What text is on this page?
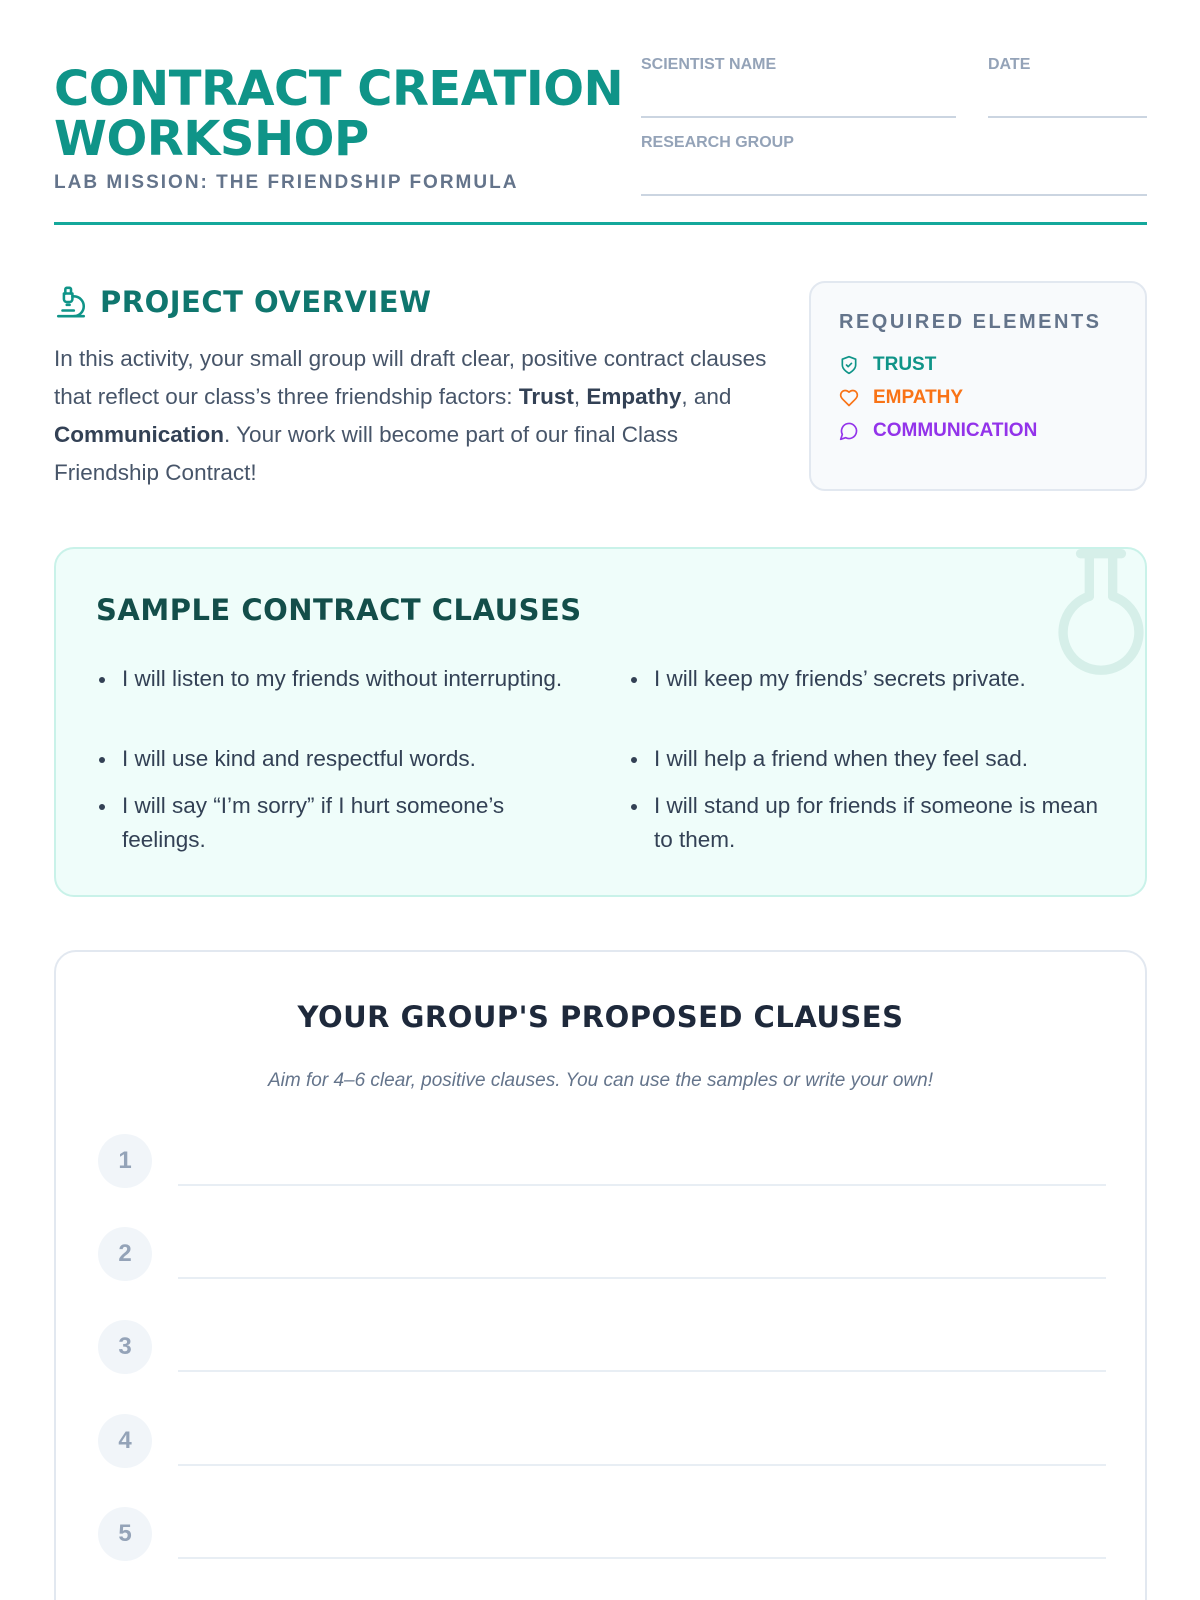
CONTRACT CREATION
WORKSHOP
LAB MISSION: THE FRIENDSHIP FORMULA
SCIENTIST NAME	DATE
RESEARCH GROUP
PROJECT OVERVIEW

In this activity, your small group will draft clear, positive contract clauses that reflect our class’s three friendship factors: Trust, Empathy, and Communication. Your work will become part of our final Class Friendship Contract!

REQUIRED ELEMENTS
TRUST
EMPATHY
COMMUNICATION
SAMPLE CONTRACT CLAUSES
I will listen to my friends without interrupting.
I will use kind and respectful words.
I will say “I’m sorry” if I hurt someone’s feelings.
I will keep my friends’ secrets private.
I will help a friend when they feel sad.
I will stand up for friends if someone is mean to them.
YOUR GROUP'S PROPOSED CLAUSES
Aim for 4–6 clear, positive clauses. You can use the samples or write your own!
1
2
3
4
5
